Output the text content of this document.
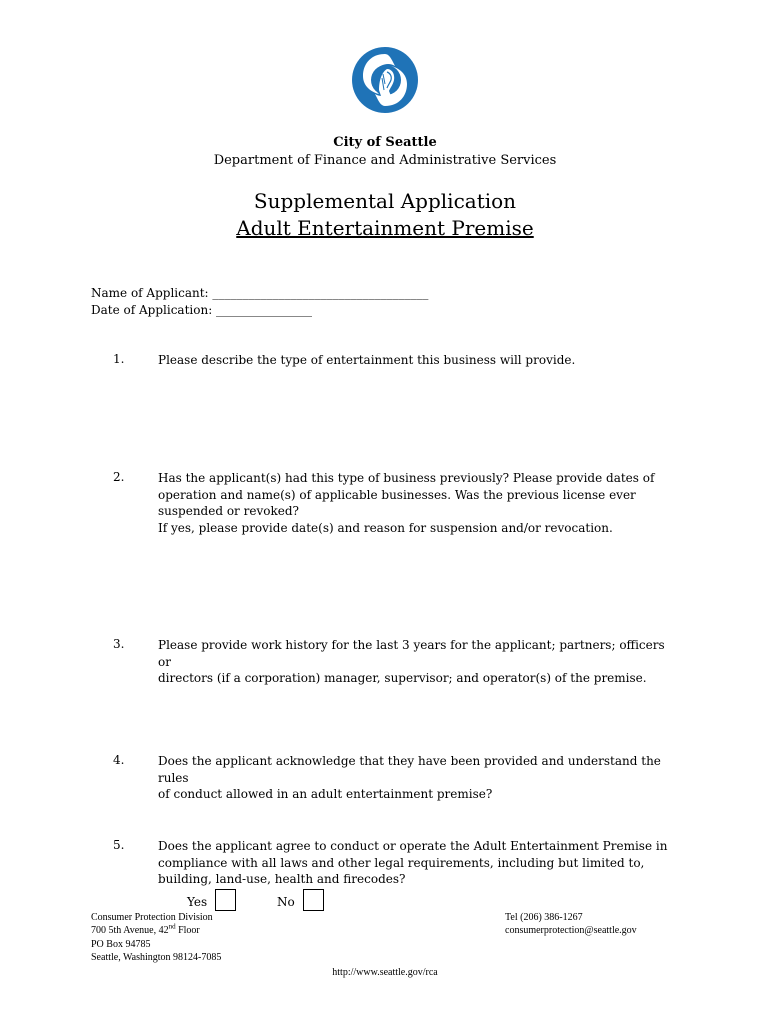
City of Seattle
Department of Finance and Administrative Services
Supplemental Application
Adult Entertainment Premise
Name of Applicant: ____________________________________
Date of Application: ________________
1.	Please describe the type of entertainment this business will provide.
2.	Has the applicant(s) had this type of business previously? Please provide dates of
operation and name(s) of applicable businesses. Was the previous license ever
suspended or revoked?
If yes, please provide date(s) and reason for suspension and/or revocation.
3.	Please provide work history for the last 3 years for the applicant; partners; officers or
directors (if a corporation) manager, supervisor; and operator(s) of the premise.
4.	Does the applicant acknowledge that they have been provided and understand the rules
of conduct allowed in an adult entertainment premise?
5.	Does the applicant agree to conduct or operate the Adult Entertainment Premise in
compliance with all laws and other legal requirements, including but limited to,
building, land-use, health and firecodes?
Yes	No
Consumer Protection Division
700 5th Avenue, 42nd Floor
PO Box 94785
Seattle, Washington 98124-7085
Tel (206) 386-1267
consumerprotection@seattle.gov
http://www.seattle.gov/rca
